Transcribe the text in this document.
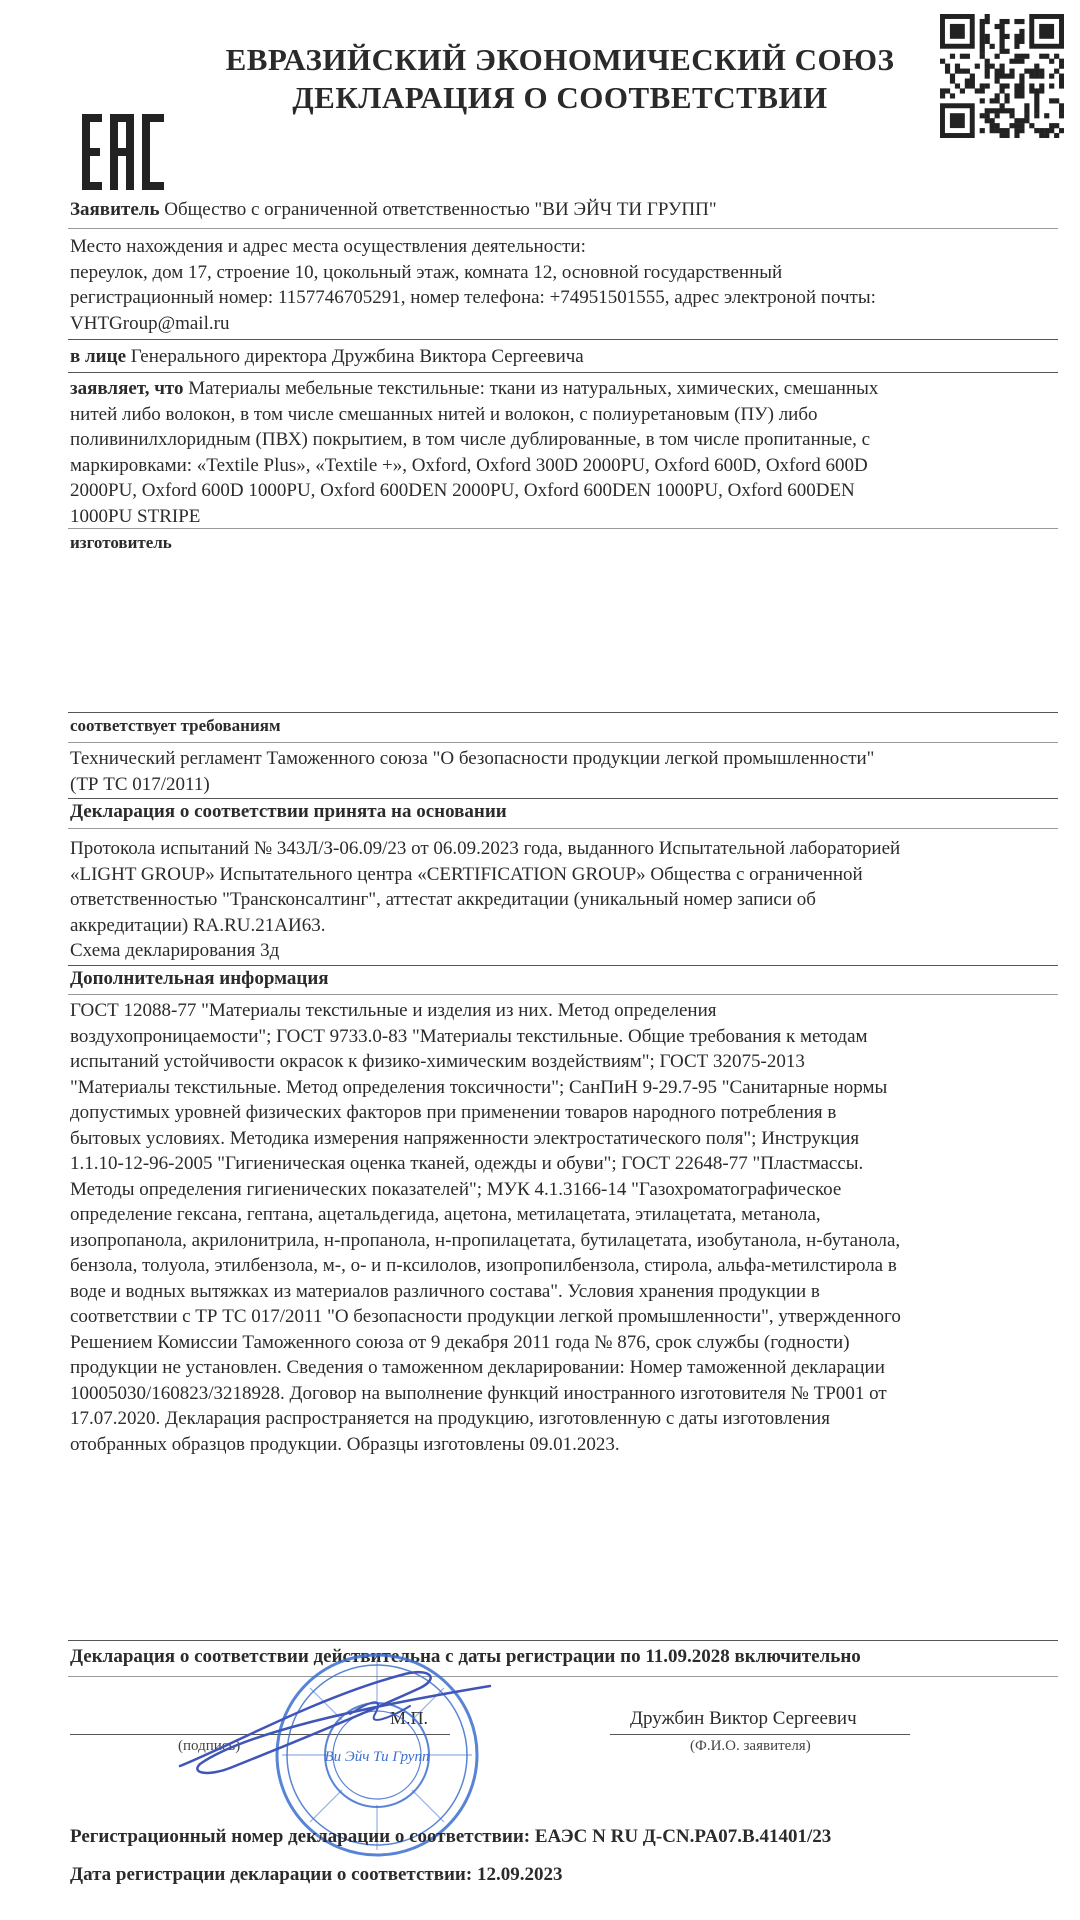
ЕВРАЗИЙСКИЙ ЭКОНОМИЧЕСКИЙ СОЮЗ
ДЕКЛАРАЦИЯ О СООТВЕТСТВИИ
Заявитель Общество с ограниченной ответственностью "ВИ ЭЙЧ ТИ ГРУПП"
Место нахождения и адрес места осуществления деятельности:
переулок, дом 17, строение 10, цокольный этаж, комната 12, основной государственный
регистрационный номер: 1157746705291, номер телефона: +74951501555, адрес электроной почты:
VHTGroup@mail.ru
в лице Генерального директора Дружбина Виктора Сергеевича
заявляет, что Материалы мебельные текстильные: ткани из натуральных, химических, смешанных
нитей либо волокон, в том числе смешанных нитей и волокон, с полиуретановым (ПУ) либо
поливинилхлоридным (ПВХ) покрытием, в том числе дублированные, в том числе пропитанные, с
маркировками: «Textile Plus», «Textile +», Oxford, Oxford 300D 2000PU, Oxford 600D, Oxford 600D
2000PU, Oxford 600D 1000PU, Oxford 600DEN 2000PU, Oxford 600DEN 1000PU, Oxford 600DEN
1000PU STRIPE
изготовитель
соответствует требованиям
Технический регламент Таможенного союза "О безопасности продукции легкой промышленности"
(ТР ТС 017/2011)
Декларация о соответствии принята на основании
Протокола испытаний № 343Л/З-06.09/23 от 06.09.2023 года, выданного Испытательной лабораторией
«LIGHT GROUP» Испытательного центра «CERTIFICATION GROUP» Общества с ограниченной
ответственностью "Трансконсалтинг", аттестат аккредитации (уникальный номер записи об
аккредитации) RA.RU.21АИ63.
Схема декларирования 3д
Дополнительная информация
ГОСТ 12088-77 "Материалы текстильные и изделия из них. Метод определения
воздухопроницаемости"; ГОСТ 9733.0-83 "Материалы текстильные. Общие требования к методам
испытаний устойчивости окрасок к физико-химическим воздействиям"; ГОСТ 32075-2013
"Материалы текстильные. Метод определения токсичности"; СанПиН 9-29.7-95 "Санитарные нормы
допустимых уровней физических факторов при применении товаров народного потребления в
бытовых условиях. Методика измерения напряженности электростатического поля"; Инструкция
1.1.10-12-96-2005 "Гигиеническая оценка тканей, одежды и обуви"; ГОСТ 22648-77 "Пластмассы.
Методы определения гигиенических показателей"; МУК 4.1.3166-14 "Газохроматографическое
определение гексана, гептана, ацетальдегида, ацетона, метилацетата, этилацетата, метанола,
изопропанола, акрилонитрила, н-пропанола, н-пропилацетата, бутилацетата, изобутанола, н-бутанола,
бензола, толуола, этилбензола, м-, о- и п-ксилолов, изопропилбензола, стирола, альфа-метилстирола в
воде и водных вытяжках из материалов различного состава". Условия хранения продукции в
соответствии с ТР ТС 017/2011 "О безопасности продукции легкой промышленности", утвержденного
Решением Комиссии Таможенного союза от 9 декабря 2011 года № 876, срок службы (годности)
продукции не установлен. Сведения о таможенном декларировании: Номер таможенной декларации
10005030/160823/3218928. Договор на выполнение функций иностранного изготовителя № ТР001 от
17.07.2020. Декларация распространяется на продукцию, изготовленную с даты изготовления
отобранных образцов продукции. Образцы изготовлены 09.01.2023.
Декларация о соответствии действительна с даты регистрации по 11.09.2028 включительно
(подпись)
М.П.	Дружбин Виктор Сергеевич
(Ф.И.О. заявителя)
Ви Эйч Ти Групп
Регистрационный номер декларации о соответствии: ЕАЭС N RU Д-CN.PA07.B.41401/23
Дата регистрации декларации о соответствии: 12.09.2023
